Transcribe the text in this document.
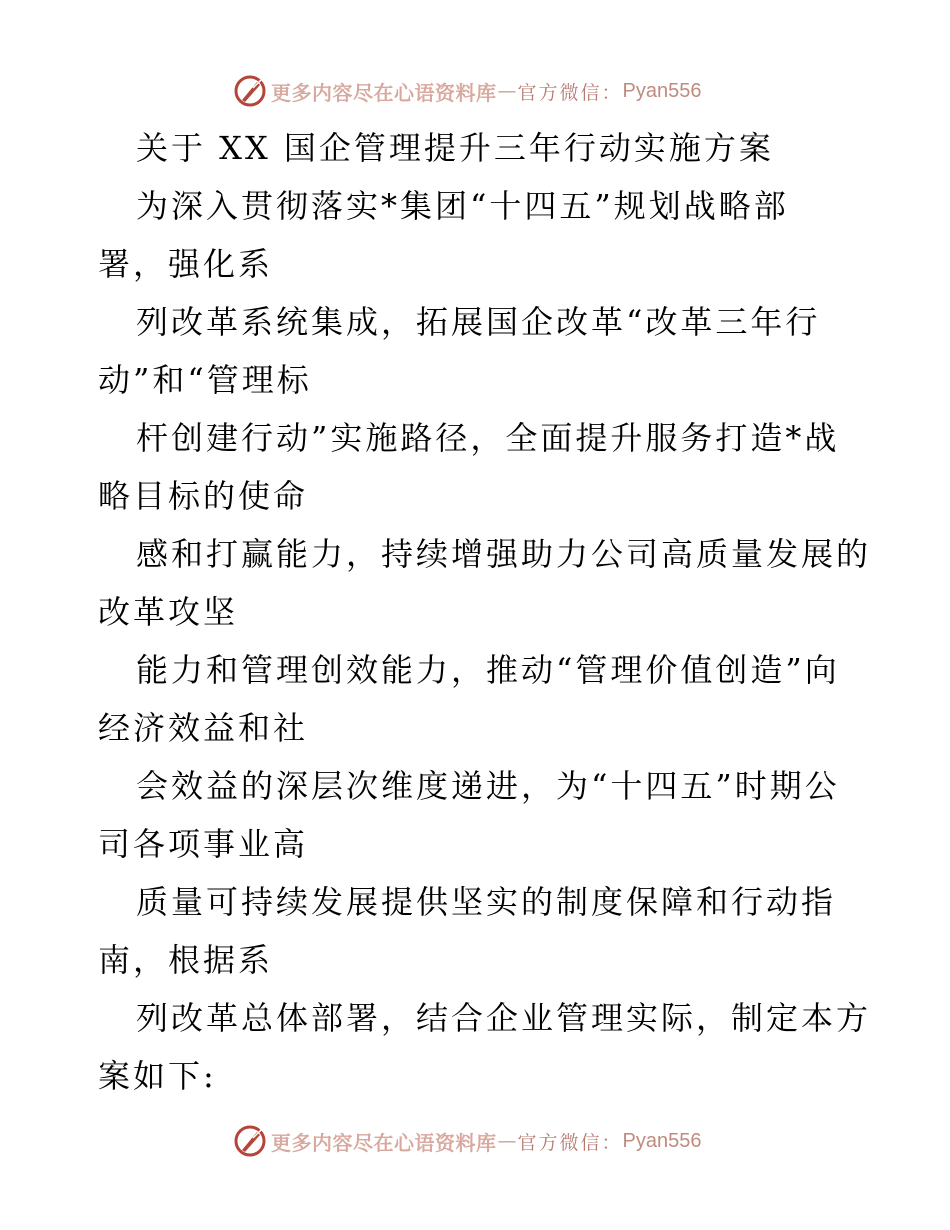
更多内容尽在心语资料库 — 官方微信： Pyan556
关于 XX 国企管理提升三年行动实施方案
为深入贯彻落实*集团“十四五”规划战略部
署，强化系
列改革系统集成，拓展国企改革“改革三年行
动”和“管理标
杆创建行动”实施路径，全面提升服务打造*战
略目标的使命
感和打赢能力，持续增强助力公司高质量发展的
改革攻坚
能力和管理创效能力，推动“管理价值创造”向
经济效益和社
会效益的深层次维度递进，为“十四五”时期公
司各项事业高
质量可持续发展提供坚实的制度保障和行动指
南，根据系
列改革总体部署，结合企业管理实际，制定本方
案如下:
更多内容尽在心语资料库 — 官方微信： Pyan556
